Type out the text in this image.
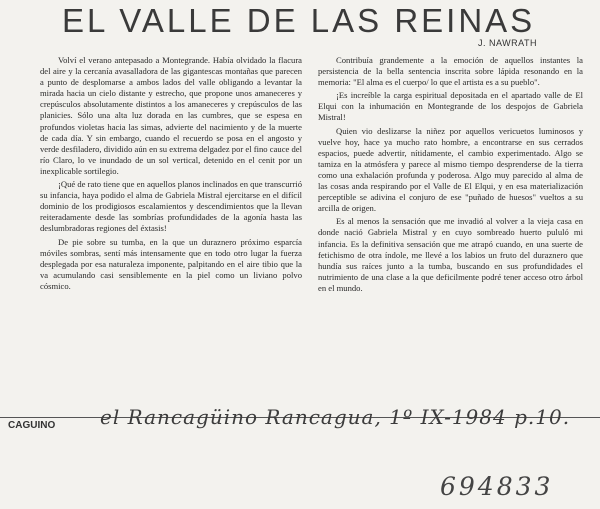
EL VALLE DE LAS REINAS
J. NAWRATH

Volví el verano antepasado a Montegrande. Había olvidado la flacura del aire y la cercanía avasalladora de las gigantescas montañas que parecen a punto de desplomarse a ambos lados del valle obligando a levantar la mirada hacia un cielo distante y estrecho, que propone unos amaneceres y crepúsculos absolutamente distintos a los amaneceres y crepúsculos de las planicies. Sólo una alta luz dorada en las cumbres, que se espesa en profundos violetas hacia las simas, advierte del nacimiento y de la muerte de cada día. Y sin embargo, cuando el recuerdo se posa en el angosto y verde desfiladero, dividido aún en su extrema delgadez por el fino cauce del río Claro, lo ve inundado de un sol vertical, detenido en el cenit por un inexplicable sortilegio.

¡Qué de rato tiene que en aquellos planos inclinados en que transcurrió su infancia, haya podido el alma de Gabriela Mistral ejercitarse en el difícil dominio de los prodigiosos escalamientos y descendimientos que la llevan reiteradamente desde las sombrías profundidades de la agonía hasta las deslumbradoras regiones del éxtasis!

De pie sobre su tumba, en la que un duraznero próximo esparcía móviles sombras, sentí más intensamente que en todo otro lugar la fuerza desplegada por esa naturaleza imponente, palpitando en el aire tibio que la va acumulando casi sensiblemente en la piel como un liviano polvo cósmico.

Contribuía grandemente a la emoción de aquellos instantes la persistencia de la bella sentencia inscrita sobre lápida resonando en la memoria: "El alma es el cuerpo/ lo que el artista es a su pueblo".

¡Es increíble la carga espiritual depositada en el apartado valle de El Elqui con la inhumación en Montegrande de los despojos de Gabriela Mistral!

Quien vio deslizarse la niñez por aquellos vericuetos luminosos y vuelve hoy, hace ya mucho rato hombre, a encontrarse en sus cerrados espacios, puede advertir, nítidamente, el cambio experimentado. Algo se tamiza en la atmósfera y parece al mismo tiempo desprenderse de la tierra como una exhalación profunda y poderosa. Algo muy parecido al alma de las cosas anda respirando por el Valle de El Elqui, y en esa materialización perceptible se adivina el conjuro de ese "puñado de huesos" vueltos a su arcilla de origen.

Es al menos la sensación que me invadió al volver a la vieja casa en donde nació Gabriela Mistral y en cuyo sombreado huerto pululó mi infancia. Es la definitiva sensación que me atrapó cuando, en una suerte de fetichismo de otra índole, me llevé a los labios un fruto del duraznero que hundía sus raíces junto a la tumba, buscando en sus profundidades el nutrimiento de una clase a la que deficilmente podré tener acceso otro árbol en el mundo.

CAGUINO el Rancagüino Rancagua, 1º IX-1984 p.10.
694833
